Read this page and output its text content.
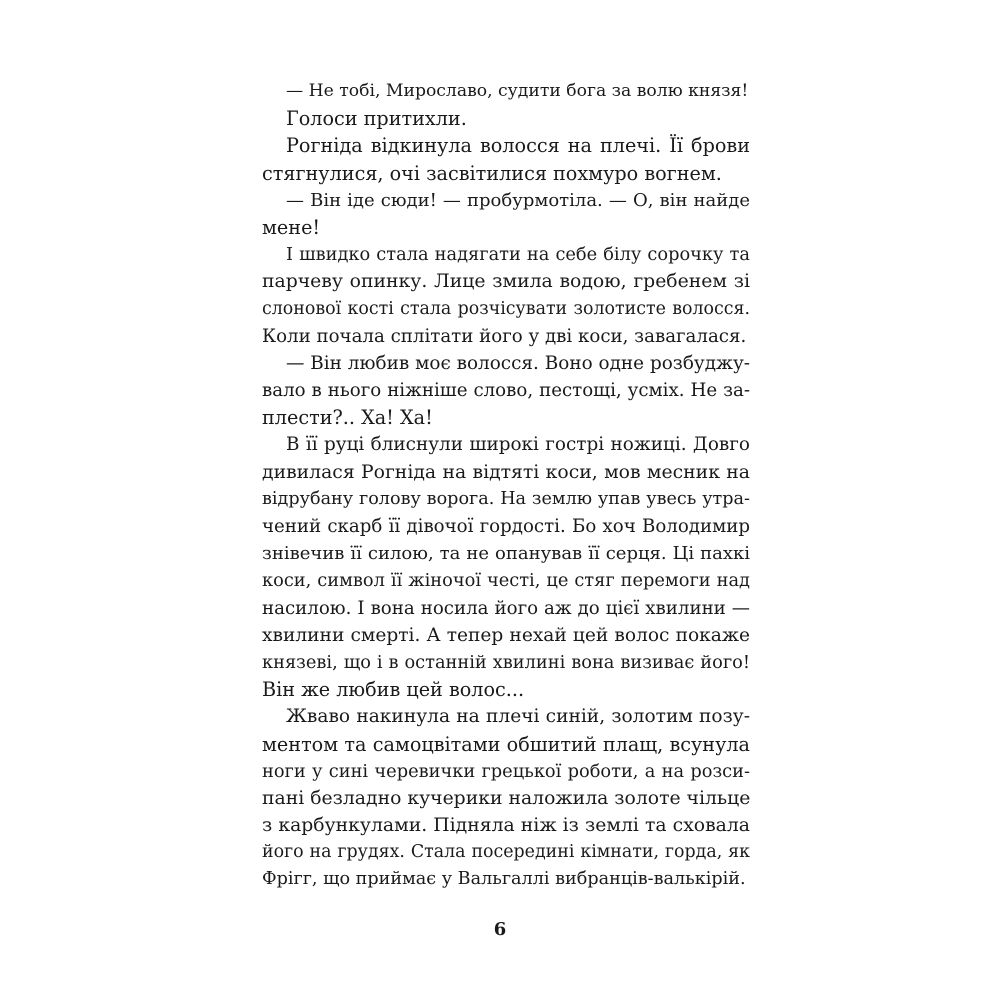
— Не тобі, Мирославо, судити бога за волю князя!
Голоси притихли.
Рогніда відкинула волосся на плечі. Її брови
стягнулися, очі засвітилися похмуро вогнем.
— Він іде сюди! — пробурмотіла. — О, він найде
мене!
І швидко стала надягати на себе білу сорочку та
парчеву опинку. Лице змила водою, гребенем зі
слонової кості стала розчісувати золотисте волосся.
Коли почала сплітати його у дві коси, завагалася.
— Він любив моє волосся. Воно одне розбуджу-
вало в нього ніжніше слово, пестощі, усміх. Не за-
плести?.. Ха! Ха!
В її руці блиснули широкі гострі ножиці. Довго
дивилася Рогніда на відтяті коси, мов месник на
відрубану голову ворога. На землю упав увесь утра-
чений скарб її дівочої гордості. Бо хоч Володимир
знівечив її силою, та не опанував її серця. Ці пахкі
коси, символ її жіночої честі, це стяг перемоги над
насилою. І вона носила його аж до цієї хвилини —
хвилини смерті. А тепер нехай цей волос покаже
князеві, що і в останній хвилині вона визиває його!
Він же любив цей волос...
Жваво накинула на плечі синій, золотим позу-
ментом та самоцвітами обшитий плащ, всунула
ноги у сині черевички грецької роботи, а на розси-
пані безладно кучерики наложила золоте чільце
з карбункулами. Підняла ніж із землі та сховала
його на грудях. Стала посередині кімнати, горда, як
Фрігг, що приймає у Вальгаллі вибранців-валькірій.
6
